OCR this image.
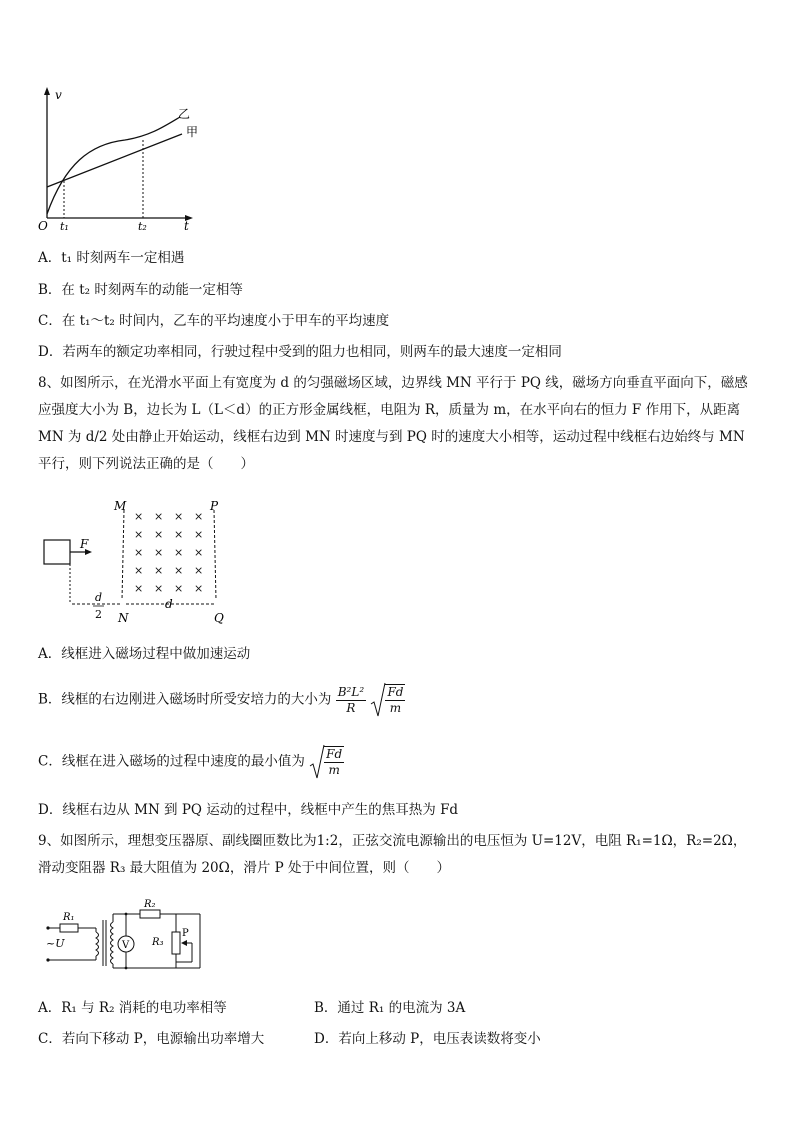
v
t
O t₁	t₂
乙
甲
A．t₁ 时刻两车一定相遇
B．在 t₂ 时刻两车的动能一定相等
C．在 t₁～t₂ 时间内，乙车的平均速度小于甲车的平均速度
D．若两车的额定功率相同，行驶过程中受到的阻力也相同，则两车的最大速度一定相同
8、如图所示，在光滑水平面上有宽度为 d 的匀强磁场区域，边界线 MN 平行于 PQ 线，磁场方向垂直平面向下，磁感应强度大小为 B，边长为 L（L＜d）的正方形金属线框，电阻为 R，质量为 m，在水平向右的恒力 F 作用下，从距离 MN 为 d/2 处由静止开始运动，线框右边到 MN 时速度与到 PQ 时的速度大小相等，运动过程中线框右边始终与 MN 平行，则下列说法正确的是（　　）
F
M
N
P
Q
× × × ×
× × × ×
× × × ×
× × × ×
× × × ×
d
2
d
A．线框进入磁场过程中做加速运动
B．线框的右边刚进入磁场时所受安培力的大小为 $\frac{\text{B²L²}}{R}$
$\frac{Fd}{m}$
C．线框在进入磁场的过程中速度的最小值为 $\frac{Fd}{m}$
D．线框右边从 MN 到 PQ 运动的过程中，线框中产生的焦耳热为 Fd
9、如图所示，理想变压器原、副线圈匝数比为1:2，正弦交流电源输出的电压恒为 U=12V，电阻 R₁=1Ω，R₂=2Ω，滑动变阻器 R₃ 最大阻值为 20Ω，滑片 P 处于中间位置，则（　　）
V
R₁
R₂
R₃
P
~U
A．R₁ 与 R₂ 消耗的电功率相等	B．通过 R₁ 的电流为 3A
C．若向下移动 P，电源输出功率增大	D．若向上移动 P，电压表读数将变小
